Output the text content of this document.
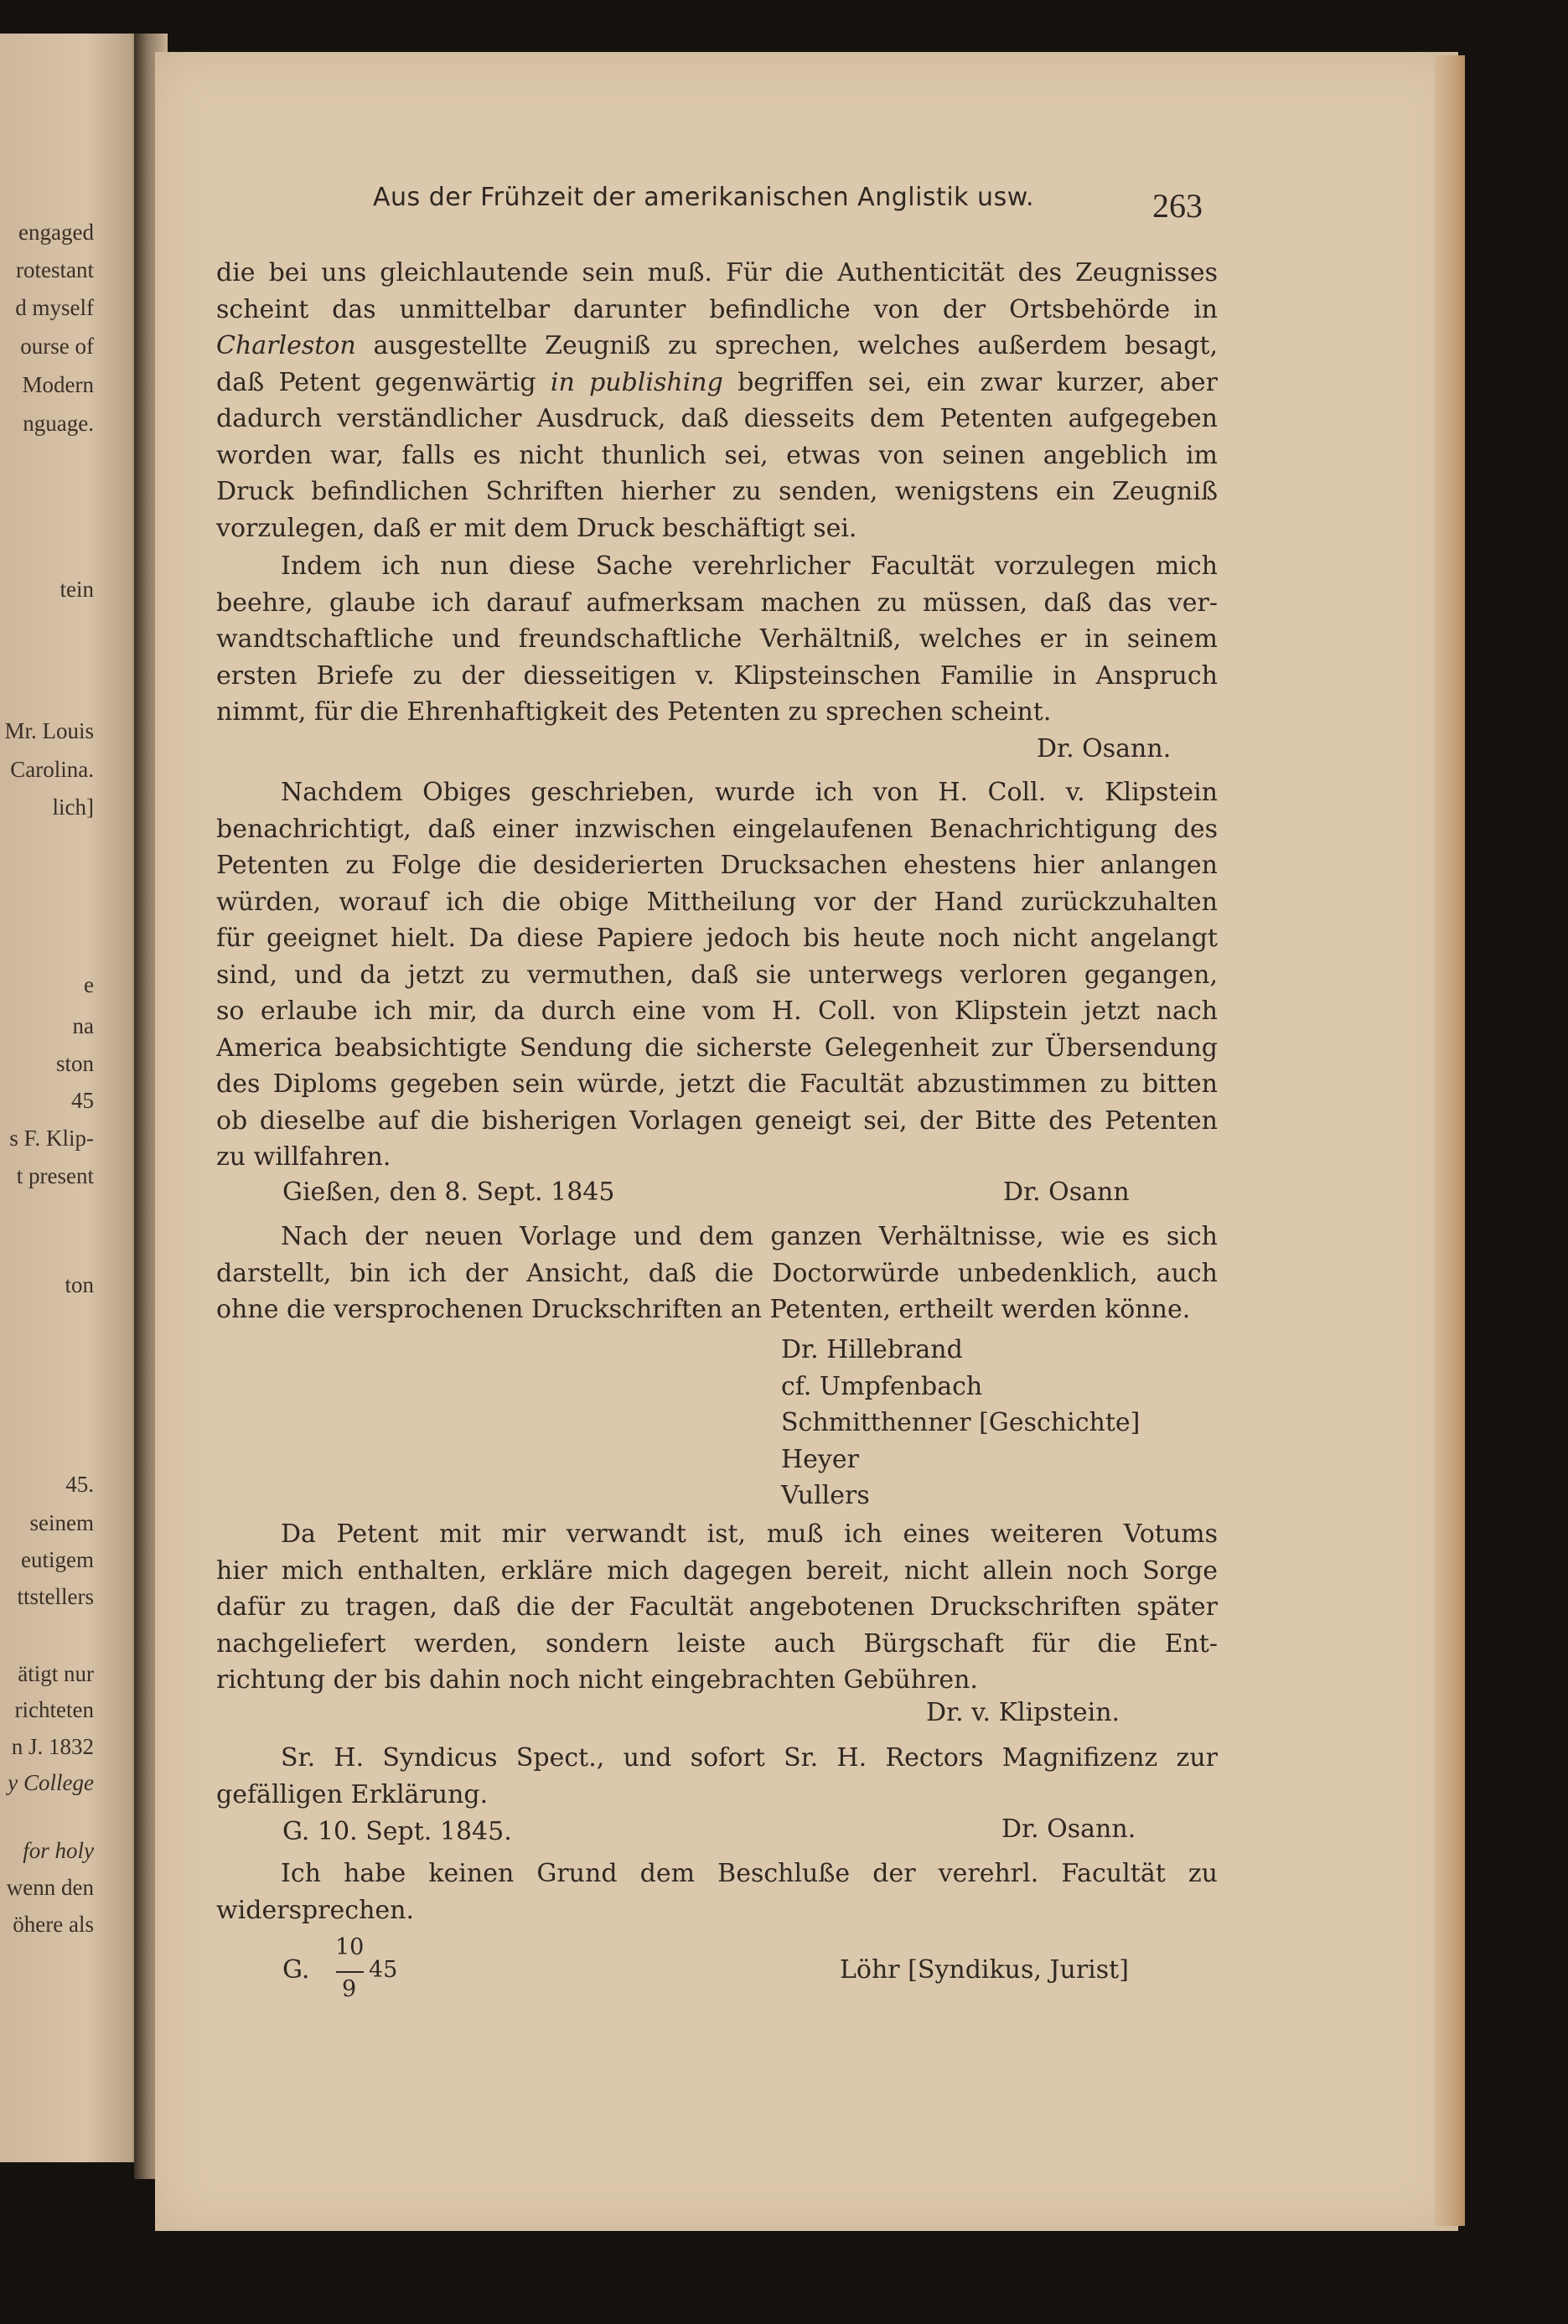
engaged
rotestant
d myself
ourse of
Modern
nguage.
tein
Mr. Louis
Carolina.
lich]
e
na
ston
45
s F. Klip-
t present
ton
45.
seinem
eutigem
ttstellers
ätigt nur
richteten
n J. 1832
y College
for holy
wenn den
öhere als
Aus der Frühzeit der amerikanischen Anglistik usw.	263
die bei uns gleichlautende sein muß. Für die Authenticität des Zeugnisses
scheint das unmittelbar darunter befindliche von der Ortsbehörde in
Charleston ausgestellte Zeugniß zu sprechen, welches außerdem besagt,
daß Petent gegenwärtig in publishing begriffen sei, ein zwar kurzer, aber
dadurch verständlicher Ausdruck, daß diesseits dem Petenten aufgegeben
worden war, falls es nicht thunlich sei, etwas von seinen angeblich im
Druck befindlichen Schriften hierher zu senden, wenigstens ein Zeugniß
vorzulegen, daß er mit dem Druck beschäftigt sei.
Indem ich nun diese Sache verehrlicher Facultät vorzulegen mich
beehre, glaube ich darauf aufmerksam machen zu müssen, daß das ver-
wandtschaftliche und freundschaftliche Verhältniß, welches er in seinem
ersten Briefe zu der diesseitigen v. Klipsteinschen Familie in Anspruch
nimmt, für die Ehrenhaftigkeit des Petenten zu sprechen scheint.
Dr. Osann.
Nachdem Obiges geschrieben, wurde ich von H. Coll. v. Klipstein
benachrichtigt, daß einer inzwischen eingelaufenen Benachrichtigung des
Petenten zu Folge die desiderierten Drucksachen ehestens hier anlangen
würden, worauf ich die obige Mittheilung vor der Hand zurückzuhalten
für geeignet hielt. Da diese Papiere jedoch bis heute noch nicht angelangt
sind, und da jetzt zu vermuthen, daß sie unterwegs verloren gegangen,
so erlaube ich mir, da durch eine vom H. Coll. von Klipstein jetzt nach
America beabsichtigte Sendung die sicherste Gelegenheit zur Übersendung
des Diploms gegeben sein würde, jetzt die Facultät abzustimmen zu bitten
ob dieselbe auf die bisherigen Vorlagen geneigt sei, der Bitte des Petenten
zu willfahren.
Gießen, den 8. Sept. 1845	Dr. Osann
Nach der neuen Vorlage und dem ganzen Verhältnisse, wie es sich
darstellt, bin ich der Ansicht, daß die Doctorwürde unbedenklich, auch
ohne die versprochenen Druckschriften an Petenten, ertheilt werden könne.
Dr. Hillebrand
cf. Umpfenbach
Schmitthenner [Geschichte]
Heyer
Vullers
Da Petent mit mir verwandt ist, muß ich eines weiteren Votums
hier mich enthalten, erkläre mich dagegen bereit, nicht allein noch Sorge
dafür zu tragen, daß die der Facultät angebotenen Druckschriften später
nachgeliefert werden, sondern leiste auch Bürgschaft für die Ent-
richtung der bis dahin noch nicht eingebrachten Gebühren.
Dr. v. Klipstein.
Sr. H. Syndicus Spect., und sofort Sr. H. Rectors Magnifizenz zur
gefälligen Erklärung.
G. 10. Sept. 1845.	Dr. Osann.
Ich habe keinen Grund dem Beschluße der verehrl. Facultät zu
widersprechen.
G.
10
9
45	Löhr [Syndikus, Jurist]
